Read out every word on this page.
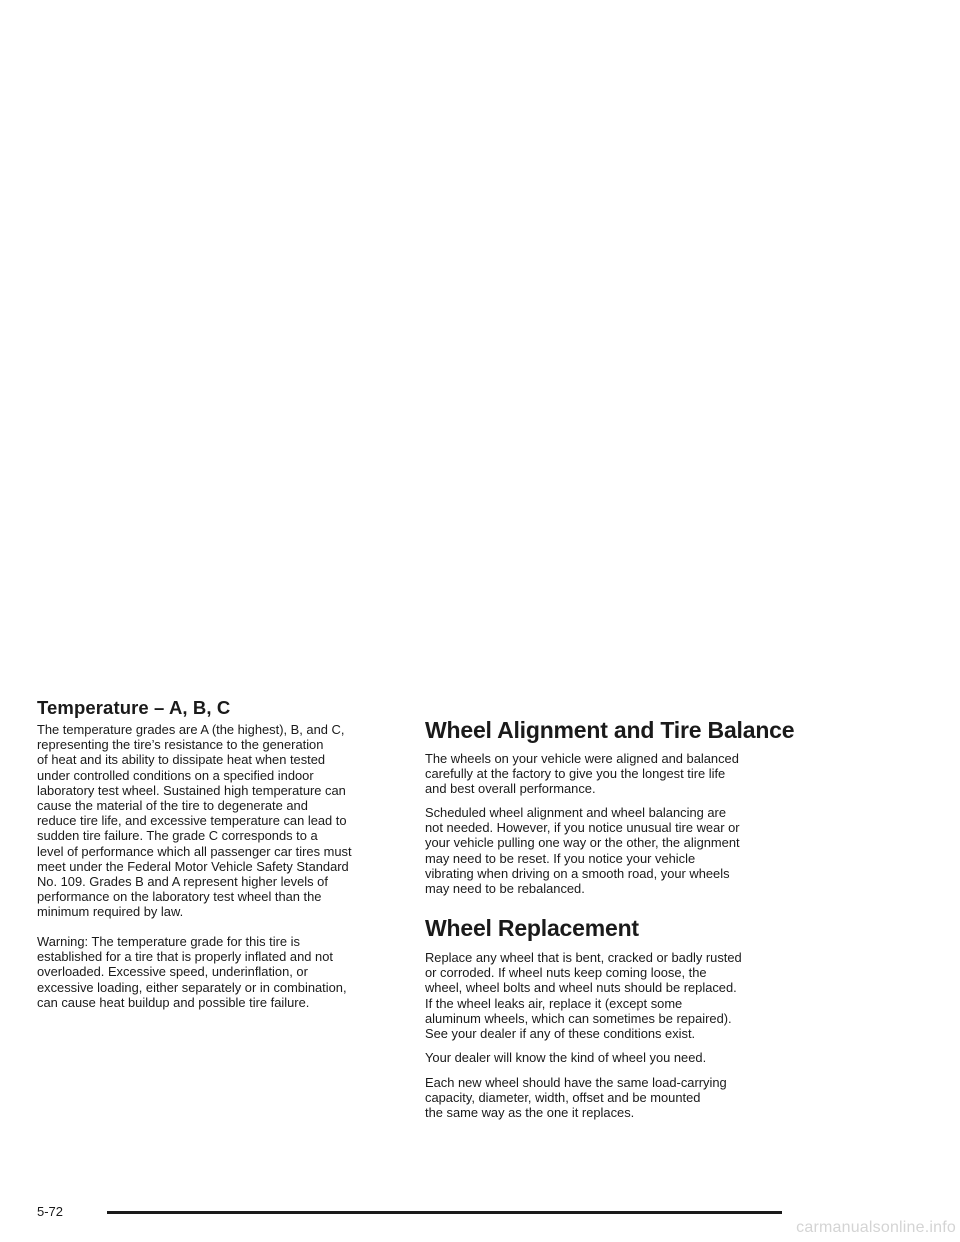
Temperature – A, B, C
The temperature grades are A (the highest), B, and C,
representing the tire’s resistance to the generation
of heat and its ability to dissipate heat when tested
under controlled conditions on a specified indoor
laboratory test wheel. Sustained high temperature can
cause the material of the tire to degenerate and
reduce tire life, and excessive temperature can lead to
sudden tire failure. The grade C corresponds to a
level of performance which all passenger car tires must
meet under the Federal Motor Vehicle Safety Standard
No. 109. Grades B and A represent higher levels of
performance on the laboratory test wheel than the
minimum required by law.
Warning: The temperature grade for this tire is
established for a tire that is properly inflated and not
overloaded. Excessive speed, underinflation, or
excessive loading, either separately or in combination,
can cause heat buildup and possible tire failure.
Wheel Alignment and Tire Balance
The wheels on your vehicle were aligned and balanced
carefully at the factory to give you the longest tire life
and best overall performance.
Scheduled wheel alignment and wheel balancing are
not needed. However, if you notice unusual tire wear or
your vehicle pulling one way or the other, the alignment
may need to be reset. If you notice your vehicle
vibrating when driving on a smooth road, your wheels
may need to be rebalanced.
Wheel Replacement
Replace any wheel that is bent, cracked or badly rusted
or corroded. If wheel nuts keep coming loose, the
wheel, wheel bolts and wheel nuts should be replaced.
If the wheel leaks air, replace it (except some
aluminum wheels, which can sometimes be repaired).
See your dealer if any of these conditions exist.
Your dealer will know the kind of wheel you need.
Each new wheel should have the same load-carrying
capacity, diameter, width, offset and be mounted
the same way as the one it replaces.
5-72
carmanualsonline.info
